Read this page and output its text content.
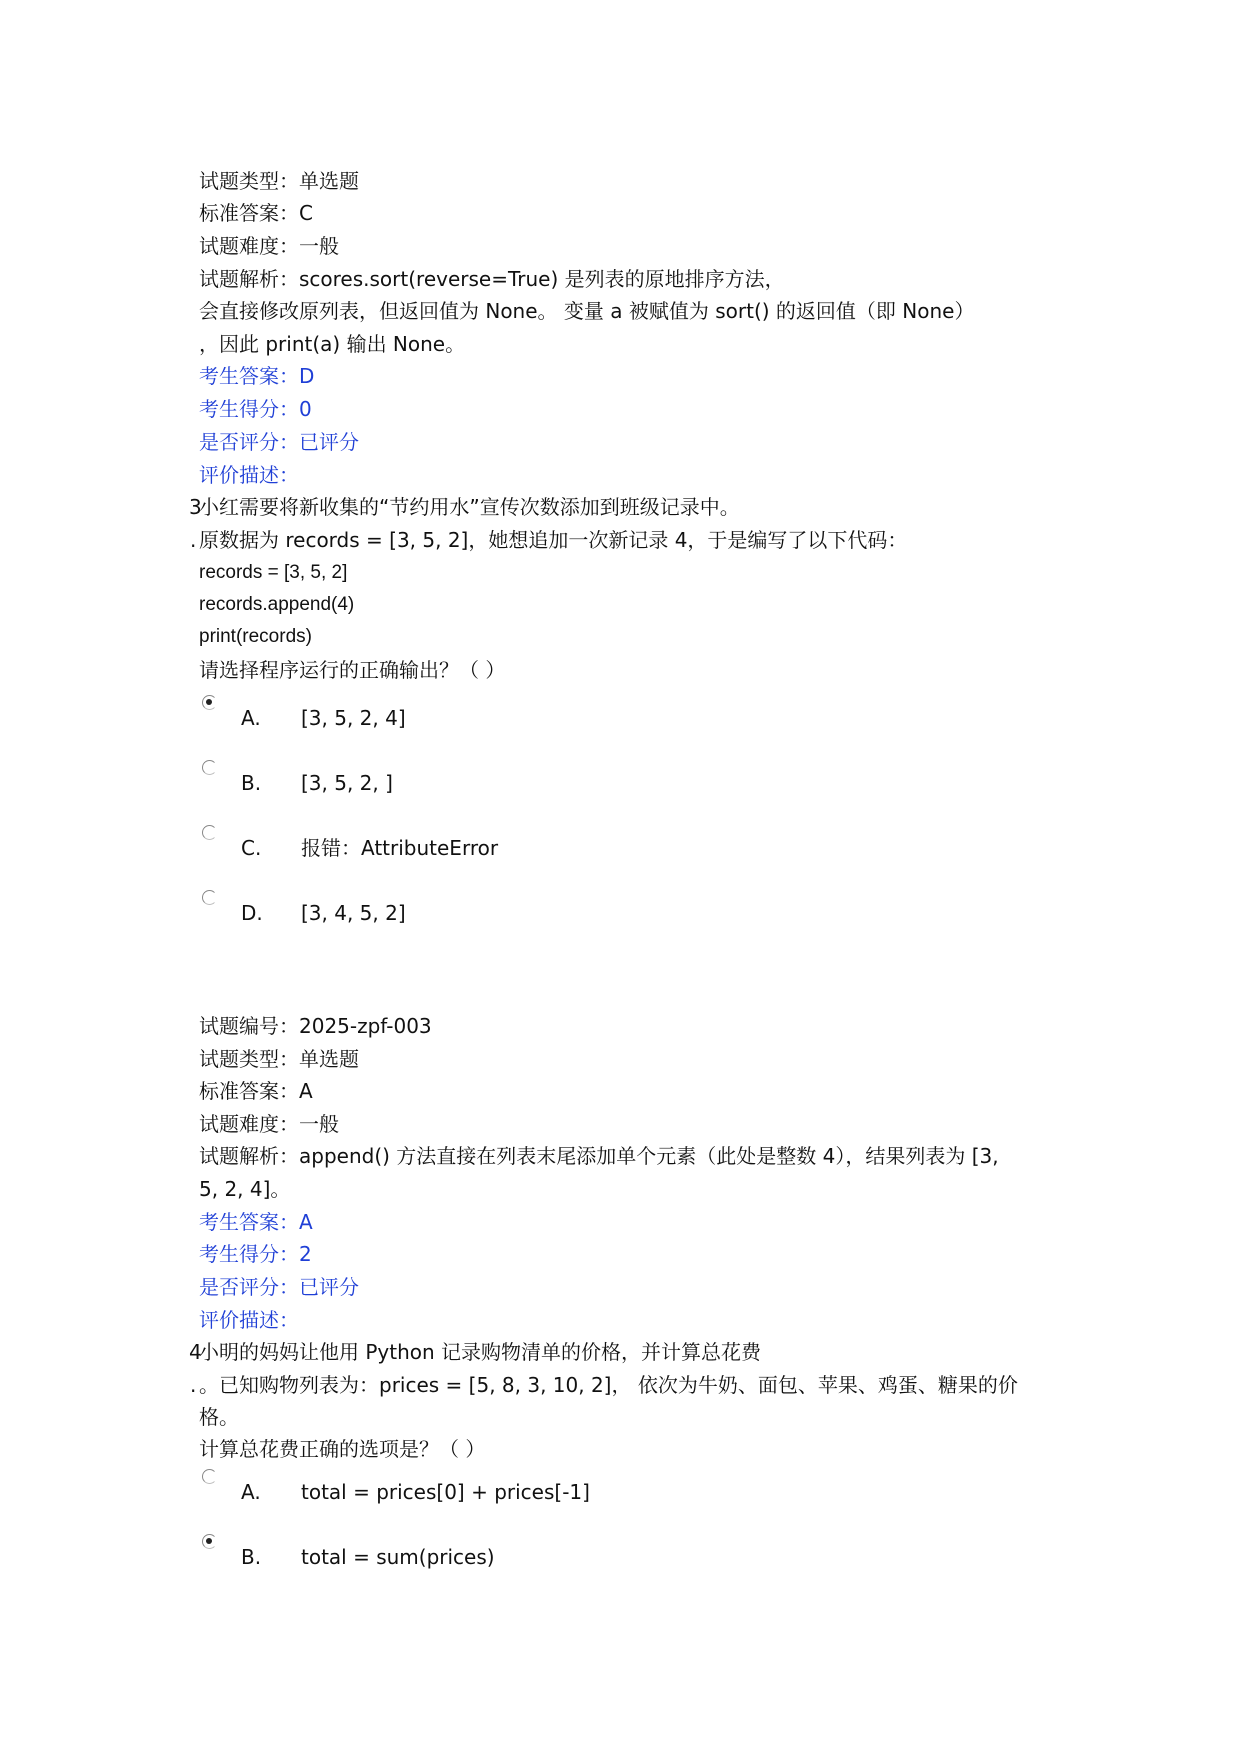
试题类型：单选题
标准答案：C
试题难度：一般
试题解析：scores.sort(reverse=True) 是列表的原地排序方法，
会直接修改原列表，但返回值为 None。 变量 a 被赋值为 sort() 的返回值（即 None）
，因此 print(a) 输出 None。
考生答案：D
考生得分：0
是否评分：已评分
评价描述：
3
小红需要将新收集的“节约用水”宣传次数添加到班级记录中。
. 原数据为 records = [3, 5, 2]，她想追加一次新记录 4，于是编写了以下代码：
records = [3, 5, 2]
records.append(4)
print(records)
请选择程序运行的正确输出？（ ）
A. [3, 5, 2, 4]
B. [3, 5, 2, ]
C. 报错：AttributeError
D. [3, 4, 5, 2]
试题编号：2025-zpf-003
试题类型：单选题
标准答案：A
试题难度：一般
试题解析：append() 方法直接在列表末尾添加单个元素（此处是整数 4），结果列表为 [3,
5, 2, 4]。
考生答案：A
考生得分：2
是否评分：已评分
评价描述：
4
小明的妈妈让他用 Python 记录购物清单的价格，并计算总花费
. 。已知购物列表为：prices = [5, 8, 3, 10, 2]， 依次为牛奶、面包、苹果、鸡蛋、糖果的价
格。
计算总花费正确的选项是？（ ）
A. total = prices[0] + prices[-1]
B. total = sum(prices)
